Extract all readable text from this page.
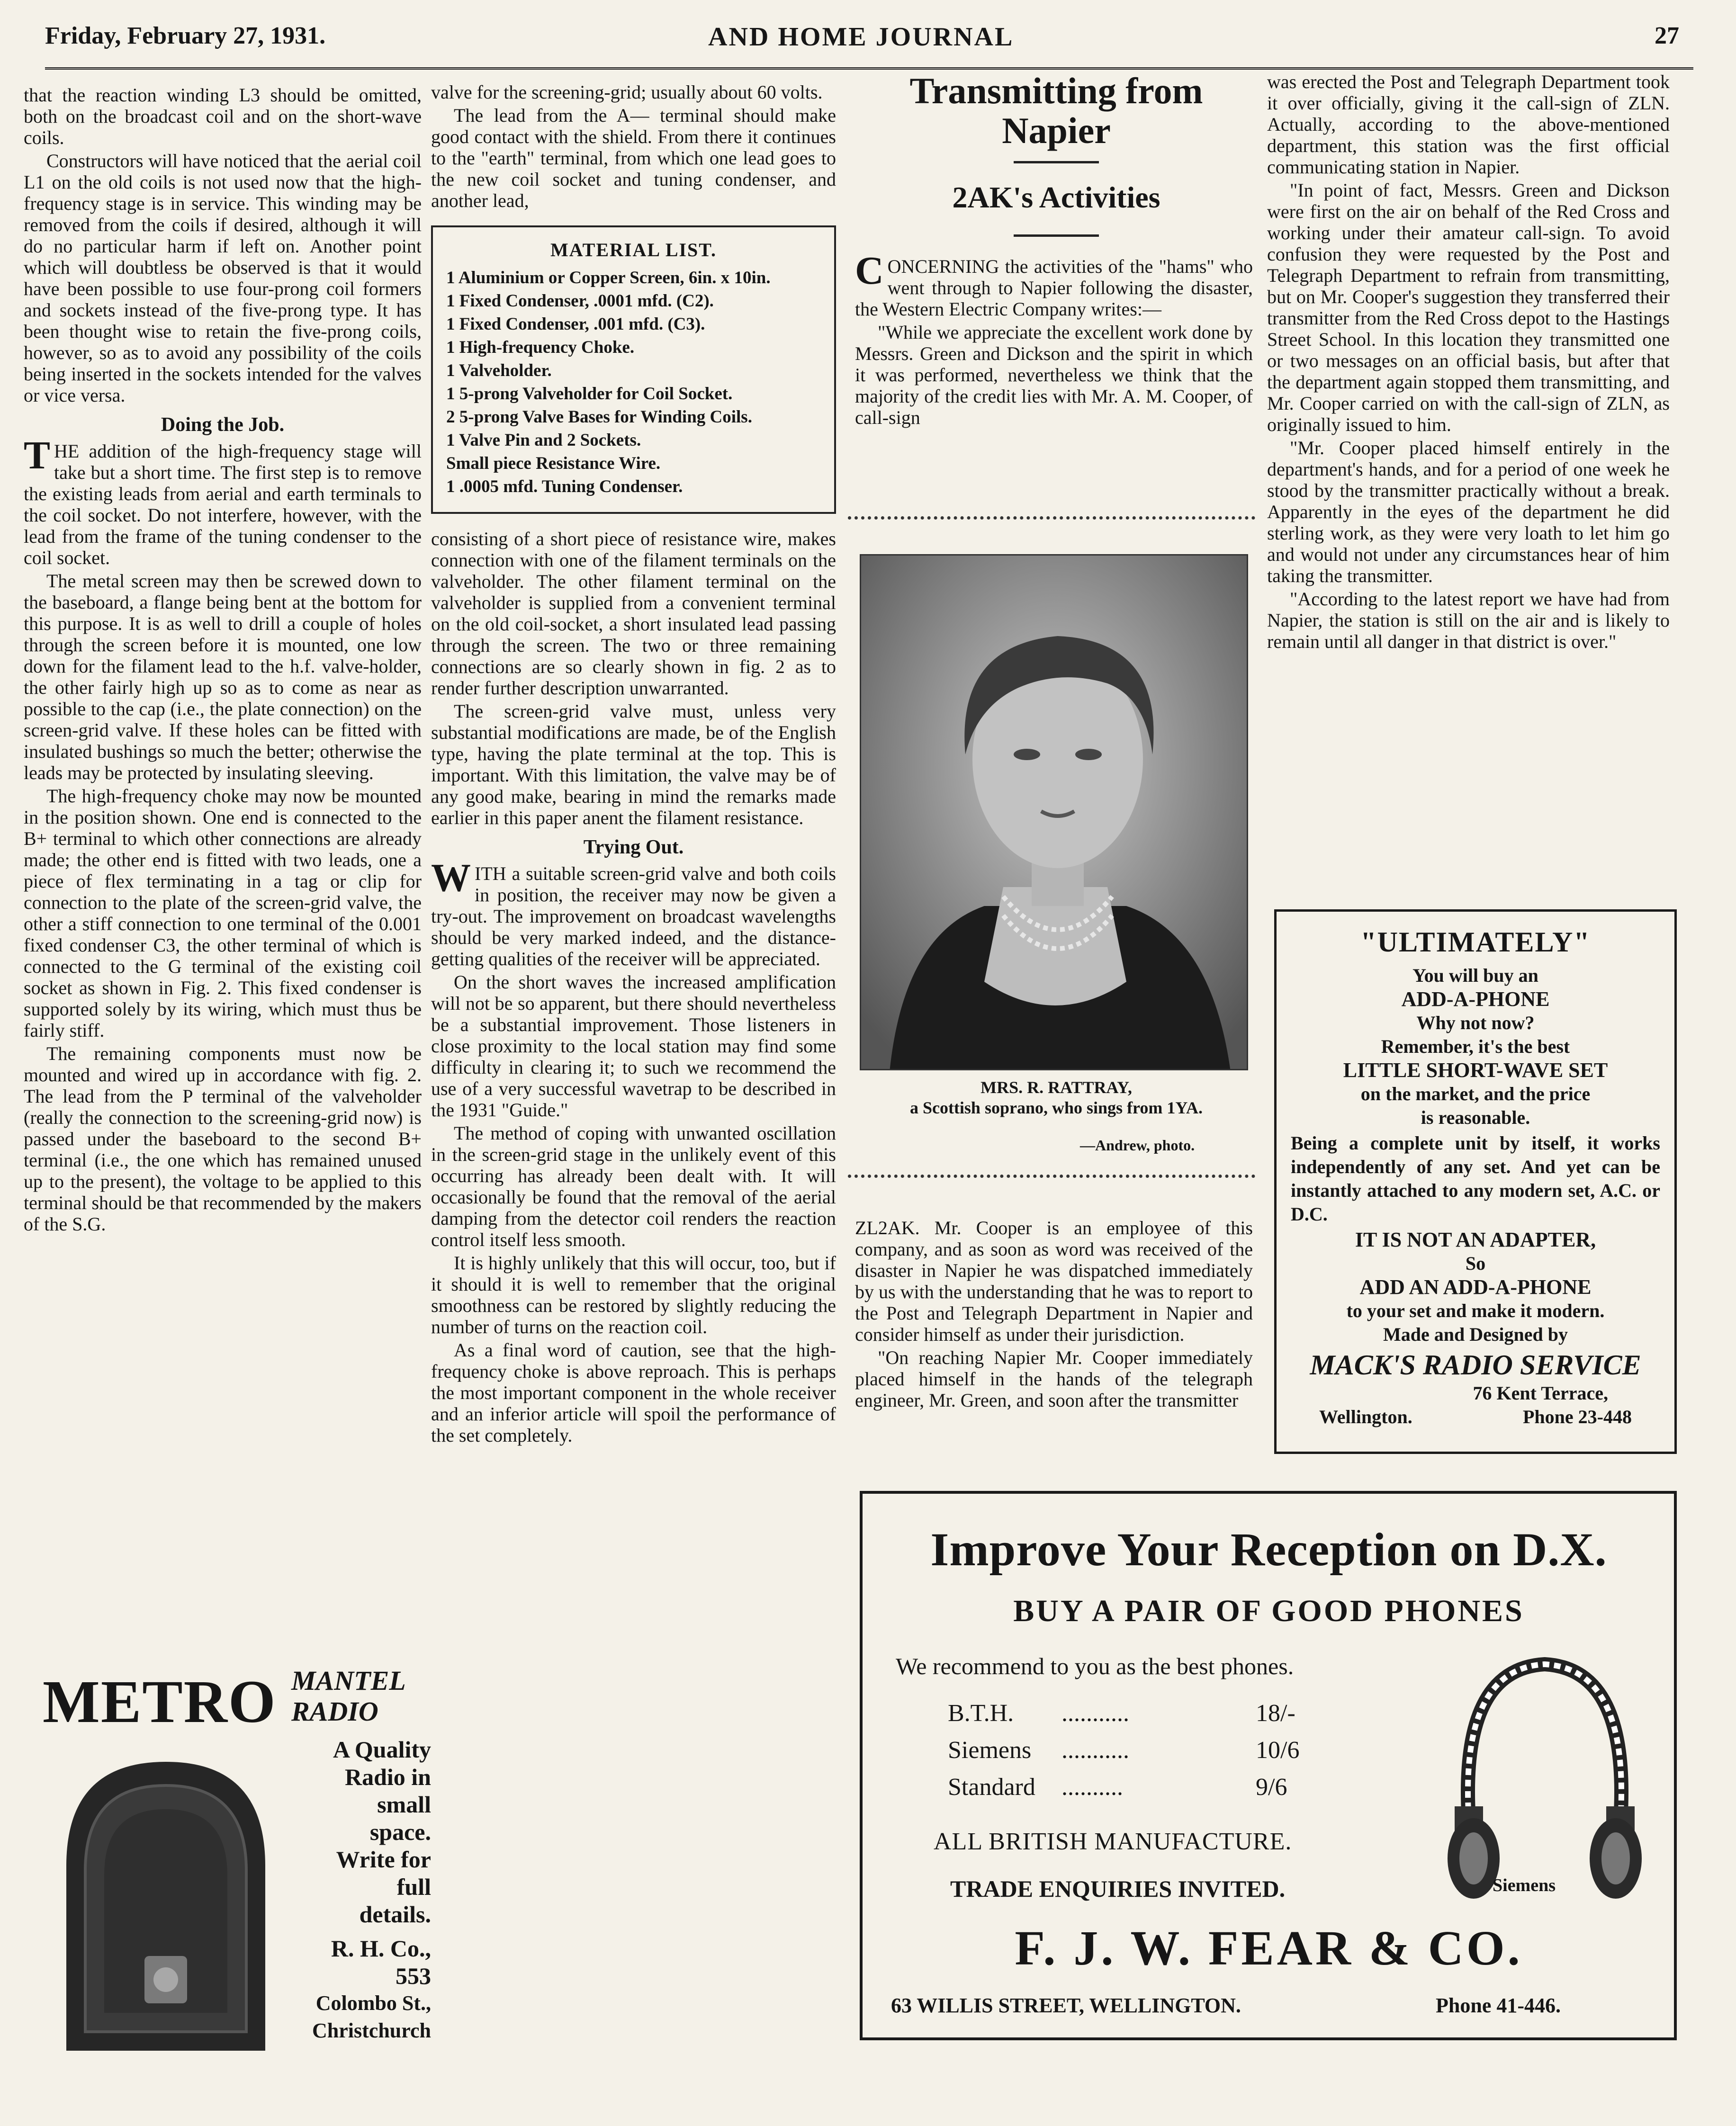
Friday, February 27, 1931.	AND HOME JOURNAL	27

that the reaction winding L3 should be omitted, both on the broadcast coil and on the short-wave coils.

Constructors will have noticed that the aerial coil L1 on the old coils is not used now that the high-frequency stage is in service. This winding may be removed from the coils if desired, although it will do no particular harm if left on. Another point which will doubtless be observed is that it would have been possible to use four-prong coil formers and sockets instead of the five-prong type. It has been thought wise to retain the five-prong coils, however, so as to avoid any possibility of the coils being inserted in the sockets intended for the valves or vice versa.

Doing the Job.

THE addition of the high-frequency stage will take but a short time. The first step is to remove the existing leads from aerial and earth terminals to the coil socket. Do not interfere, however, with the lead from the frame of the tuning condenser to the coil socket.

The metal screen may then be screwed down to the baseboard, a flange being bent at the bottom for this purpose. It is as well to drill a couple of holes through the screen before it is mounted, one low down for the filament lead to the h.f. valve-holder, the other fairly high up so as to come as near as possible to the cap (i.e., the plate connection) on the screen-grid valve. If these holes can be fitted with insulated bushings so much the better; otherwise the leads may be protected by insulating sleeving.

The high-frequency choke may now be mounted in the position shown. One end is connected to the B+ terminal to which other connections are already made; the other end is fitted with two leads, one a piece of flex terminating in a tag or clip for connection to the plate of the screen-grid valve, the other a stiff connection to one terminal of the 0.001 fixed condenser C3, the other terminal of which is connected to the G terminal of the existing coil socket as shown in Fig. 2. This fixed condenser is supported solely by its wiring, which must thus be fairly stiff.

The remaining components must now be mounted and wired up in accordance with fig. 2. The lead from the P terminal of the valveholder (really the connection to the screening-grid now) is passed under the baseboard to the second B+ terminal (i.e., the one which has remained unused up to the present), the voltage to be applied to this terminal should be that recommended by the makers of the S.G.

valve for the screening-grid; usually about 60 volts.

The lead from the A— terminal should make good contact with the shield. From there it continues to the "earth" terminal, from which one lead goes to the new coil socket and tuning condenser, and another lead,

MATERIAL LIST.
1 Aluminium or Copper Screen, 6in. x 10in.
1 Fixed Condenser, .0001 mfd. (C2).
1 Fixed Condenser, .001 mfd. (C3).
1 High-frequency Choke.
1 Valveholder.
1 5-prong Valveholder for Coil Socket.
2 5-prong Valve Bases for Winding Coils.
1 Valve Pin and 2 Sockets.
Small piece Resistance Wire.
1 .0005 mfd. Tuning Condenser.

consisting of a short piece of resistance wire, makes connection with one of the filament terminals on the valveholder. The other filament terminal on the valveholder is supplied from a convenient terminal on the old coil-socket, a short insulated lead passing through the screen. The two or three remaining connections are so clearly shown in fig. 2 as to render further description unwarranted.

The screen-grid valve must, unless very substantial modifications are made, be of the English type, having the plate terminal at the top. This is important. With this limitation, the valve may be of any good make, bearing in mind the remarks made earlier in this paper anent the filament resistance.

Trying Out.

WITH a suitable screen-grid valve and both coils in position, the receiver may now be given a try-out. The improvement on broadcast wavelengths should be very marked indeed, and the distance-getting qualities of the receiver will be appreciated.

On the short waves the increased amplification will not be so apparent, but there should nevertheless be a substantial improvement. Those listeners in close proximity to the local station may find some difficulty in clearing it; to such we recommend the use of a very successful wavetrap to be described in the 1931 "Guide."

The method of coping with unwanted oscillation in the screen-grid stage in the unlikely event of this occurring has already been dealt with. It will occasionally be found that the removal of the aerial damping from the detector coil renders the reaction control itself less smooth.

It is highly unlikely that this will occur, too, but if it should it is well to remember that the original smoothness can be restored by slightly reducing the number of turns on the reaction coil.

As a final word of caution, see that the high-frequency choke is above reproach. This is perhaps the most important component in the whole receiver and an inferior article will spoil the performance of the set completely.

METRO MANTEL
RADIO
A Quality
Radio in
small
space.
Write for
full
details.
R. H. Co.,
553
Colombo St.,
Christchurch
Transmitting from Napier
2AK's Activities

CONCERNING the activities of the "hams" who went through to Napier following the disaster, the Western Electric Company writes:—

"While we appreciate the excellent work done by Messrs. Green and Dickson and the spirit in which it was performed, nevertheless we think that the majority of the credit lies with Mr. A. M. Cooper, of call-sign

MRS. R. RATTRAY,
a Scottish soprano, who sings from 1YA.
—Andrew, photo.

ZL2AK. Mr. Cooper is an employee of this company, and as soon as word was received of the disaster in Napier he was dispatched immediately by us with the understanding that he was to report to the Post and Telegraph Department in Napier and consider himself as under their jurisdiction.

"On reaching Napier Mr. Cooper immediately placed himself in the hands of the telegraph engineer, Mr. Green, and soon after the transmitter

was erected the Post and Telegraph Department took it over officially, giving it the call-sign of ZLN. Actually, according to the above-mentioned department, this station was the first official communicating station in Napier.

"In point of fact, Messrs. Green and Dickson were first on the air on behalf of the Red Cross and working under their amateur call-sign. To avoid confusion they were requested by the Post and Telegraph Department to refrain from transmitting, but on Mr. Cooper's suggestion they transferred their transmitter from the Red Cross depot to the Hastings Street School. In this location they transmitted one or two messages on an official basis, but after that the department again stopped them transmitting, and Mr. Cooper carried on with the call-sign of ZLN, as originally issued to him.

"Mr. Cooper placed himself entirely in the department's hands, and for a period of one week he stood by the transmitter practically without a break. Apparently in the eyes of the department he did sterling work, as they were very loath to let him go and would not under any circumstances hear of him taking the transmitter.

"According to the latest report we have had from Napier, the station is still on the air and is likely to remain until all danger in that district is over."

"ULTIMATELY"
You will buy an
ADD-A-PHONE
Why not now?
Remember, it's the best
LITTLE SHORT-WAVE SET
on the market, and the price
is reasonable.
Being a complete unit by itself, it works independently of any set. And yet can be instantly attached to any modern set, A.C. or D.C.
IT IS NOT AN ADAPTER,
So
ADD AN ADD-A-PHONE
to your set and make it modern.
Made and Designed by
MACK'S RADIO SERVICE
76 Kent Terrace,
Wellington.	Phone 23-448
Improve Your Reception on D.X.
BUY A PAIR OF GOOD PHONES
We recommend to you as the best phones.
B.T.H.	...........	18/-
Siemens	...........	10/6
Standard	..........	9/6
ALL BRITISH MANUFACTURE.
TRADE ENQUIRIES INVITED.	Siemens
F. J. W. FEAR & CO.
63 WILLIS STREET, WELLINGTON.	Phone 41-446.
